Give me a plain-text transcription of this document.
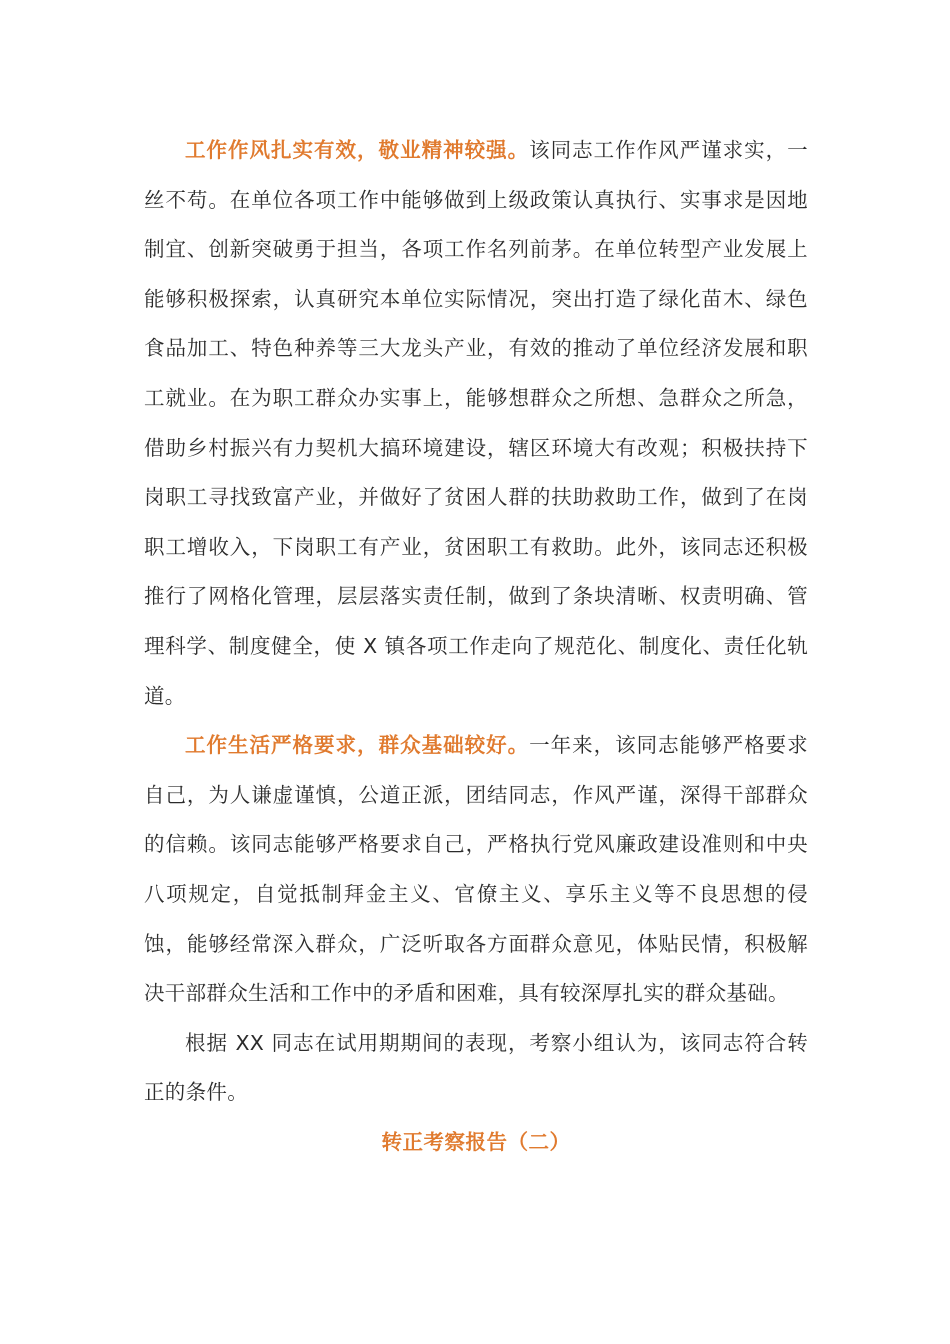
工作作风扎实有效，敬业精神较强。该同志工作作风严谨求实，一丝不苟。在单位各项工作中能够做到上级政策认真执行、实事求是因地制宜、创新突破勇于担当，各项工作名列前茅。在单位转型产业发展上能够积极探索，认真研究本单位实际情况，突出打造了绿化苗木、绿色食品加工、特色种养等三大龙头产业，有效的推动了单位经济发展和职工就业。在为职工群众办实事上，能够想群众之所想、急群众之所急，借助乡村振兴有力契机大搞环境建设，辖区环境大有改观；积极扶持下岗职工寻找致富产业，并做好了贫困人群的扶助救助工作，做到了在岗职工增收入，下岗职工有产业，贫困职工有救助。此外，该同志还积极推行了网格化管理，层层落实责任制，做到了条块清晰、权责明确、管理科学、制度健全，使 X 镇各项工作走向了规范化、制度化、责任化轨道。

工作生活严格要求，群众基础较好。一年来，该同志能够严格要求自己，为人谦虚谨慎，公道正派，团结同志，作风严谨，深得干部群众的信赖。该同志能够严格要求自己，严格执行党风廉政建设准则和中央八项规定，自觉抵制拜金主义、官僚主义、享乐主义等不良思想的侵蚀，能够经常深入群众，广泛听取各方面群众意见，体贴民情，积极解决干部群众生活和工作中的矛盾和困难，具有较深厚扎实的群众基础。

根据 XX 同志在试用期期间的表现，考察小组认为，该同志符合转正的条件。

转正考察报告（二）
